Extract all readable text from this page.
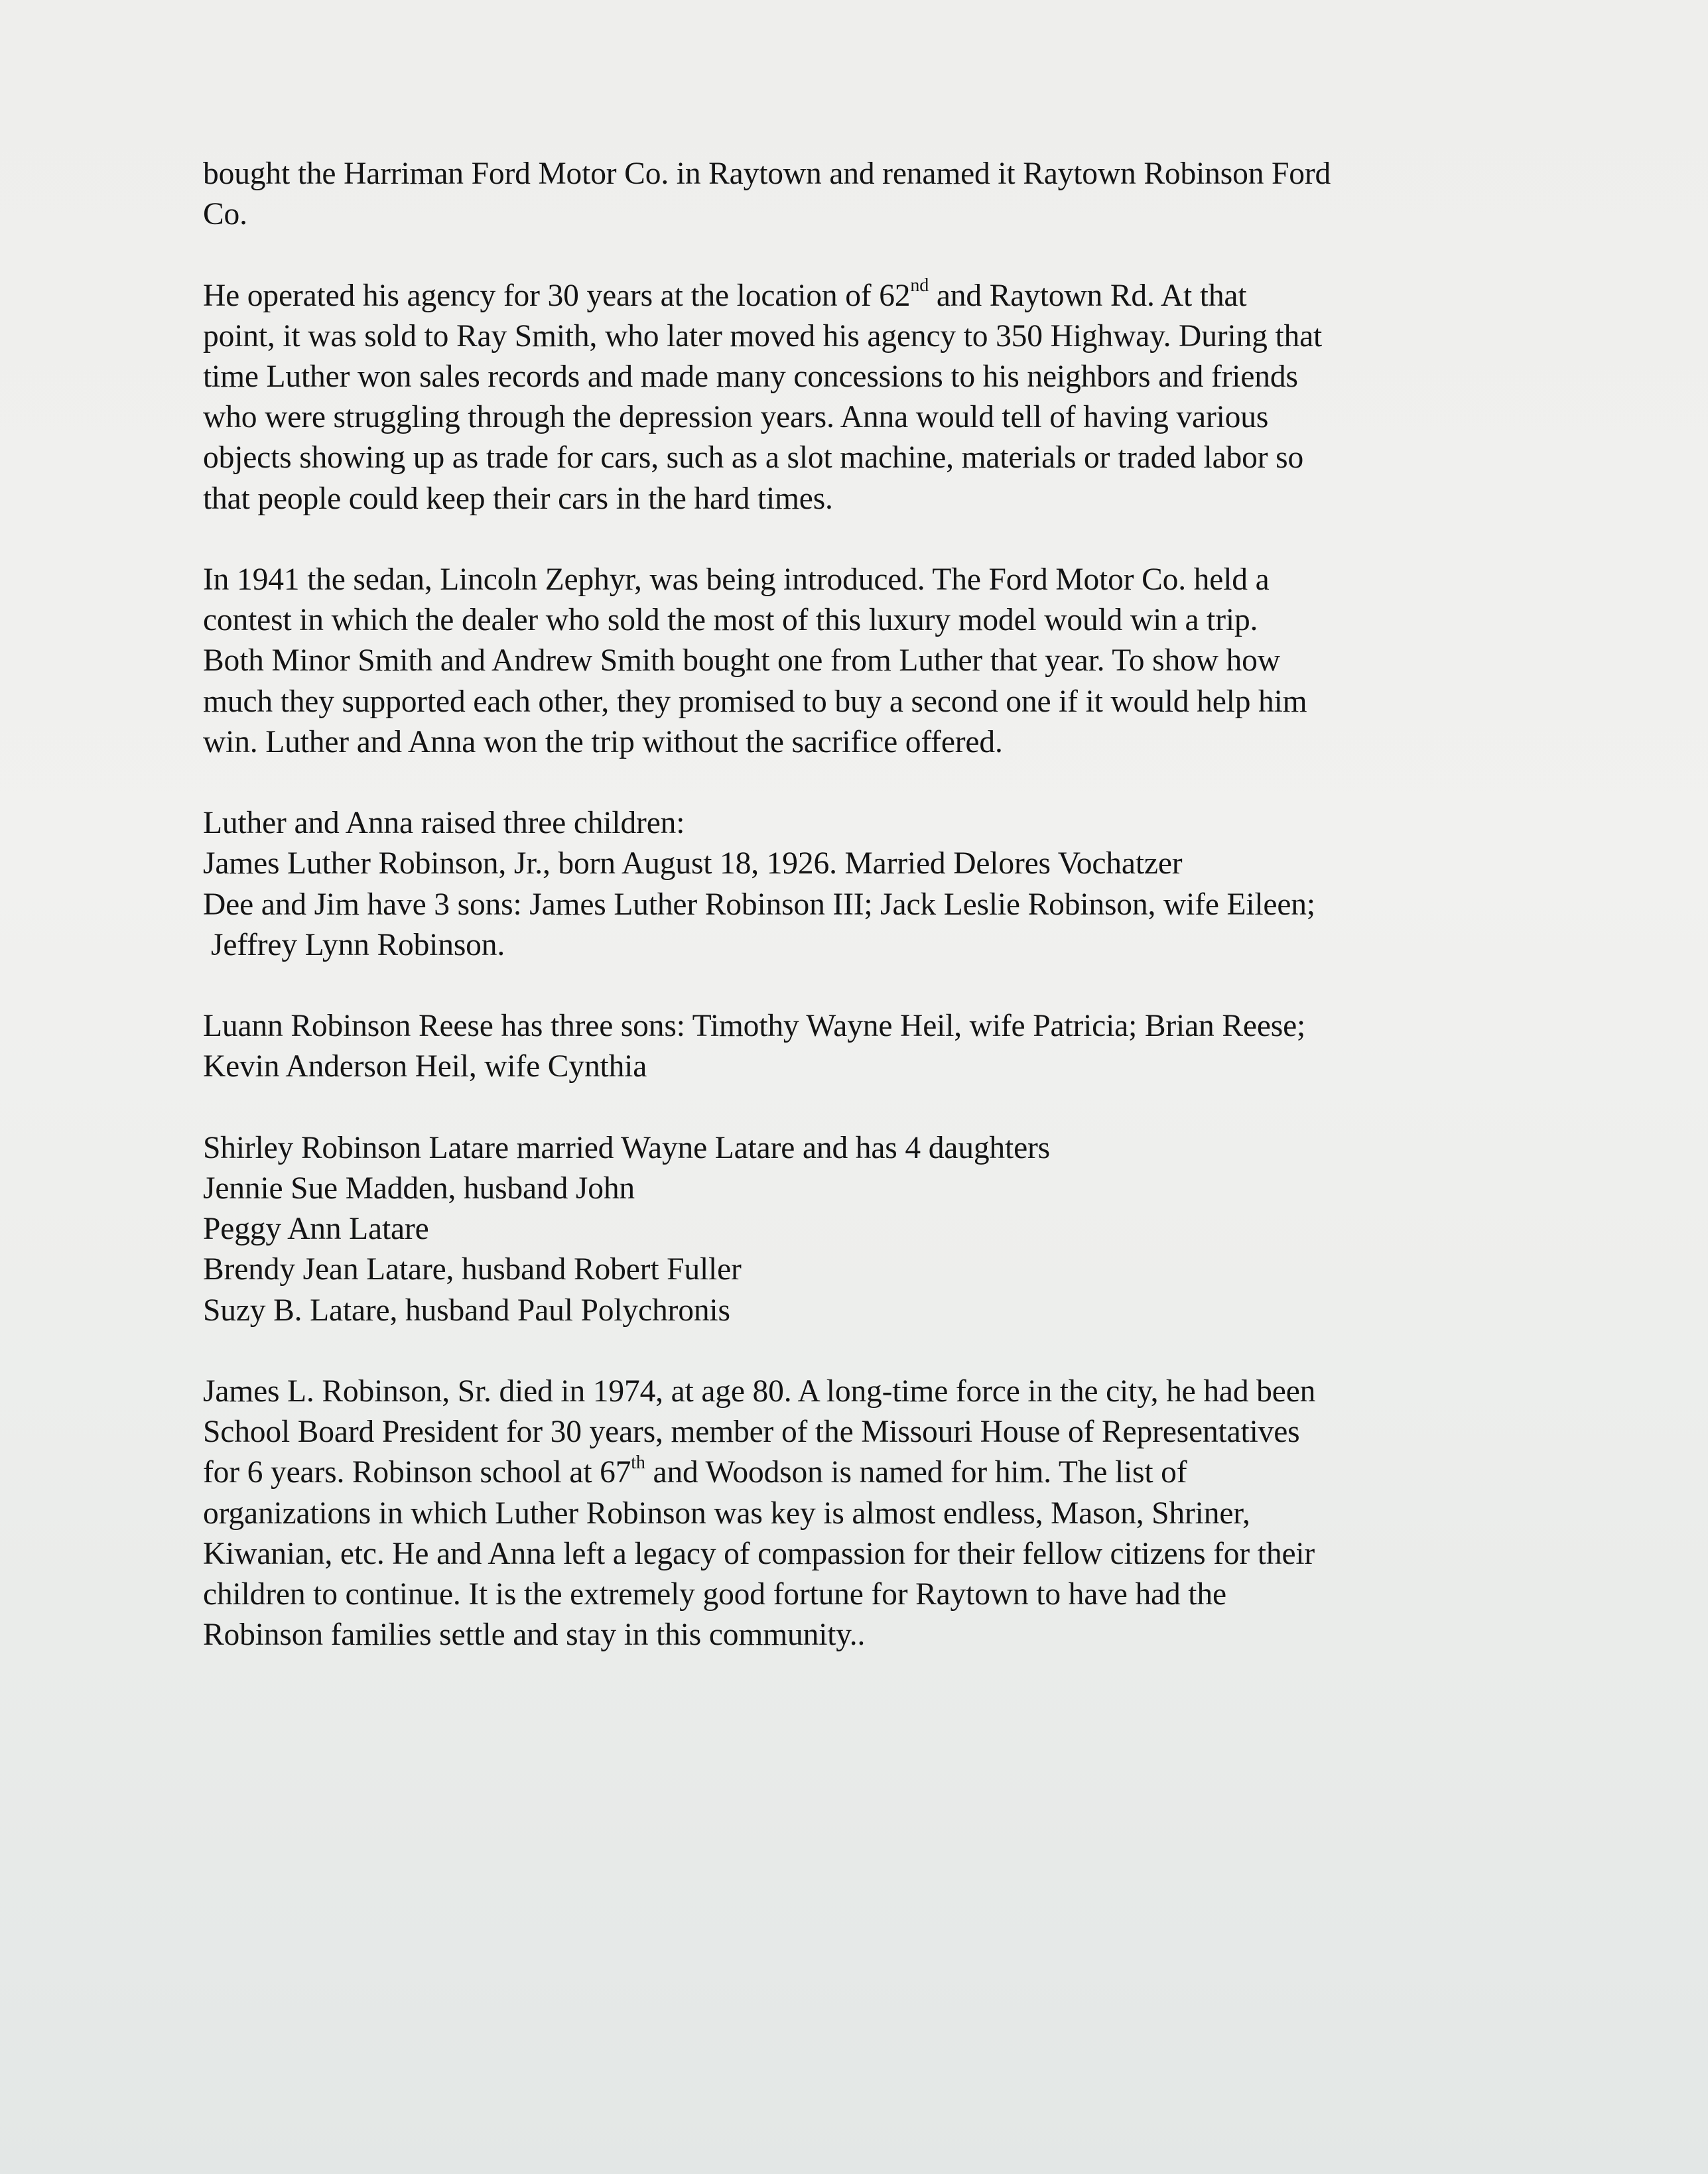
bought the Harriman Ford Motor Co. in Raytown and renamed it Raytown Robinson Ford
Co.
He operated his agency for 30 years at the location of 62nd and Raytown Rd. At that
point, it was sold to Ray Smith, who later moved his agency to 350 Highway. During that
time Luther won sales records and made many concessions to his neighbors and friends
who were struggling through the depression years. Anna would tell of having various
objects showing up as trade for cars, such as a slot machine, materials or traded labor so
that people could keep their cars in the hard times.
In 1941 the sedan, Lincoln Zephyr, was being introduced. The Ford Motor Co. held a
contest in which the dealer who sold the most of this luxury model would win a trip.
Both Minor Smith and Andrew Smith bought one from Luther that year. To show how
much they supported each other, they promised to buy a second one if it would help him
win. Luther and Anna won the trip without the sacrifice offered.
Luther and Anna raised three children:
James Luther Robinson, Jr., born August 18, 1926. Married Delores Vochatzer
Dee and Jim have 3 sons: James Luther Robinson III; Jack Leslie Robinson, wife Eileen;
Jeffrey Lynn Robinson.
Luann Robinson Reese has three sons: Timothy Wayne Heil, wife Patricia; Brian Reese;
Kevin Anderson Heil, wife Cynthia
Shirley Robinson Latare married Wayne Latare and has 4 daughters
Jennie Sue Madden, husband John
Peggy Ann Latare
Brendy Jean Latare, husband Robert Fuller
Suzy B. Latare, husband Paul Polychronis
James L. Robinson, Sr. died in 1974, at age 80. A long-time force in the city, he had been
School Board President for 30 years, member of the Missouri House of Representatives
for 6 years. Robinson school at 67th and Woodson is named for him. The list of
organizations in which Luther Robinson was key is almost endless, Mason, Shriner,
Kiwanian, etc. He and Anna left a legacy of compassion for their fellow citizens for their
children to continue. It is the extremely good fortune for Raytown to have had the
Robinson families settle and stay in this community..
